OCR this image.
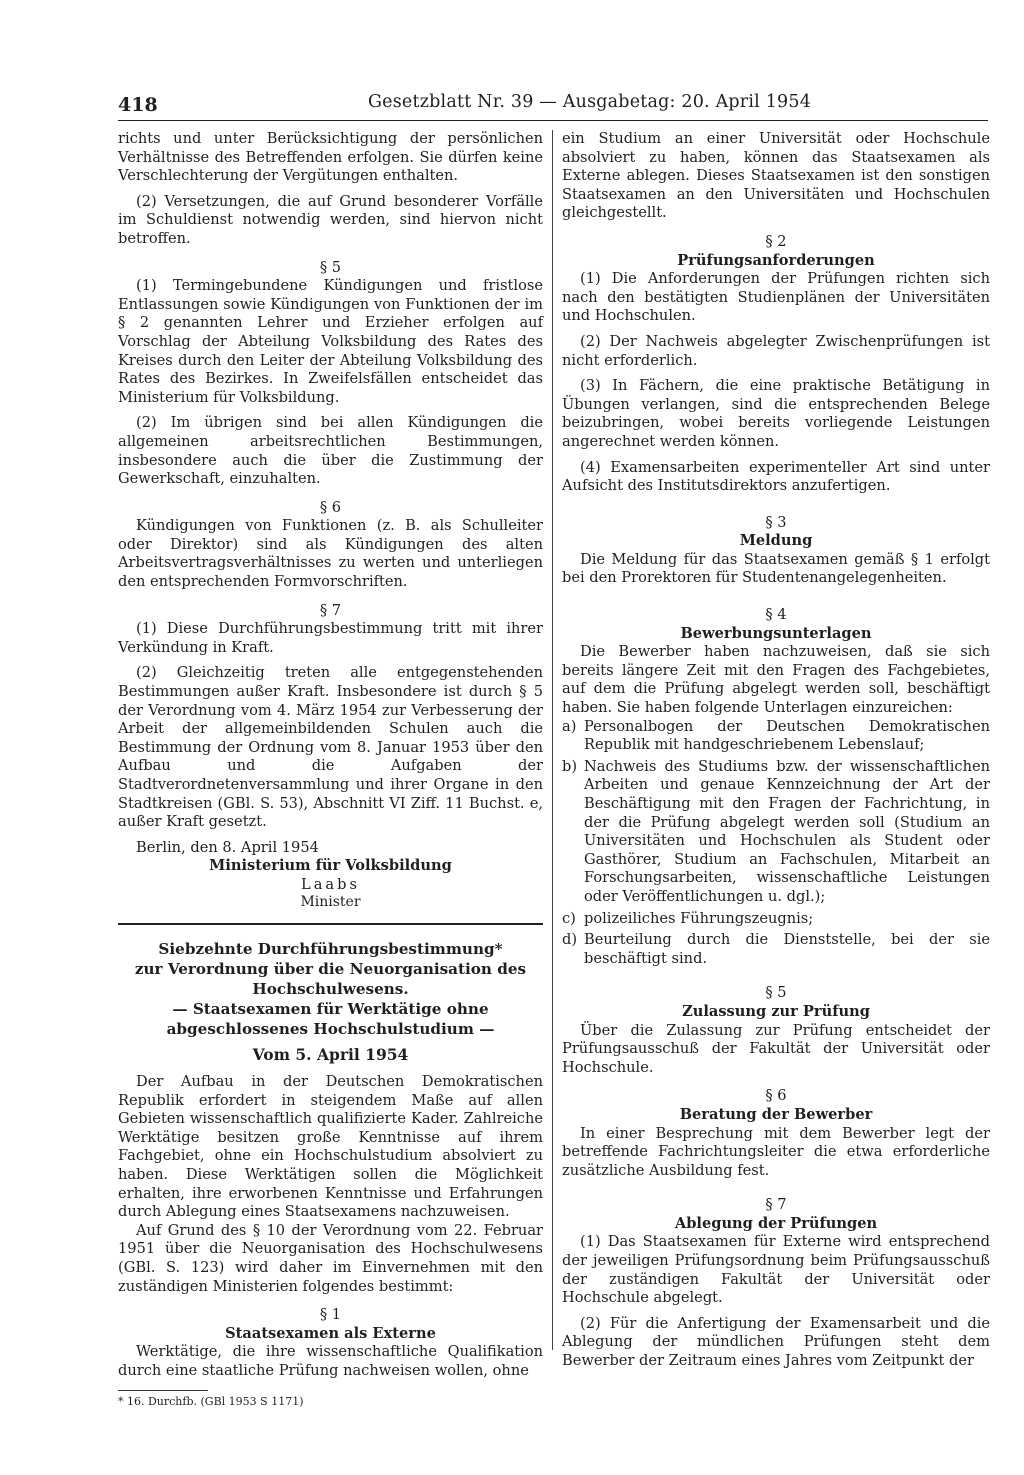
418	Gesetzblatt Nr. 39 — Ausgabetag: 20. April 1954

richts und unter Berücksichtigung der persönlichen Verhältnisse des Betreffenden erfolgen. Sie dürfen keine Verschlechterung der Vergütungen enthalten.

(2) Versetzungen, die auf Grund besonderer Vorfälle im Schuldienst notwendig werden, sind hiervon nicht betroffen.

§ 5

(1) Termingebundene Kündigungen und fristlose Entlassungen sowie Kündigungen von Funktionen der im § 2 genannten Lehrer und Erzieher erfolgen auf Vorschlag der Abteilung Volksbildung des Rates des Kreises durch den Leiter der Abteilung Volksbildung des Rates des Bezirkes. In Zweifelsfällen entscheidet das Ministerium für Volksbildung.

(2) Im übrigen sind bei allen Kündigungen die allgemeinen arbeitsrechtlichen Bestimmungen, insbesondere auch die über die Zustimmung der Gewerkschaft, einzuhalten.

§ 6

Kündigungen von Funktionen (z. B. als Schulleiter oder Direktor) sind als Kündigungen des alten Arbeitsvertragsverhältnisses zu werten und unterliegen den entsprechenden Formvorschriften.

§ 7

(1) Diese Durchführungsbestimmung tritt mit ihrer Verkündung in Kraft.

(2) Gleichzeitig treten alle entgegenstehenden Bestimmungen außer Kraft. Insbesondere ist durch § 5 der Verordnung vom 4. März 1954 zur Verbesserung der Arbeit der allgemeinbildenden Schulen auch die Bestimmung der Ordnung vom 8. Januar 1953 über den Aufbau und die Aufgaben der Stadtverordnetenversammlung und ihrer Organe in den Stadtkreisen (GBl. S. 53), Abschnitt VI Ziff. 11 Buchst. e, außer Kraft gesetzt.

Berlin, den 8. April 1954

Ministerium für Volksbildung
Laabs
Minister
Siebzehnte Durchführungsbestimmung*
zur Verordnung über die Neuorganisation des Hochschulwesens.
— Staatsexamen für Werktätige ohne abgeschlossenes Hochschulstudium —
Vom 5. April 1954

Der Aufbau in der Deutschen Demokratischen Republik erfordert in steigendem Maße auf allen Gebieten wissenschaftlich qualifizierte Kader. Zahlreiche Werktätige besitzen große Kenntnisse auf ihrem Fachgebiet, ohne ein Hochschulstudium absolviert zu haben. Diese Werktätigen sollen die Möglichkeit erhalten, ihre erworbenen Kenntnisse und Erfahrungen durch Ablegung eines Staatsexamens nachzuweisen.

Auf Grund des § 10 der Verordnung vom 22. Februar 1951 über die Neuorganisation des Hochschulwesens (GBl. S. 123) wird daher im Einvernehmen mit den zuständigen Ministerien folgendes bestimmt:

§ 1
Staatsexamen als Externe

Werktätige, die ihre wissenschaftliche Qualifikation durch eine staatliche Prüfung nachweisen wollen, ohne

* 16. Durchfb. (GBl 1953 S 1171)

ein Studium an einer Universität oder Hochschule absolviert zu haben, können das Staatsexamen als Externe ablegen. Dieses Staatsexamen ist den sonstigen Staatsexamen an den Universitäten und Hochschulen gleichgestellt.

§ 2
Prüfungsanforderungen

(1) Die Anforderungen der Prüfungen richten sich nach den bestätigten Studienplänen der Universitäten und Hochschulen.

(2) Der Nachweis abgelegter Zwischenprüfungen ist nicht erforderlich.

(3) In Fächern, die eine praktische Betätigung in Übungen verlangen, sind die entsprechenden Belege beizubringen, wobei bereits vorliegende Leistungen angerechnet werden können.

(4) Examensarbeiten experimenteller Art sind unter Aufsicht des Institutsdirektors anzufertigen.

§ 3
Meldung

Die Meldung für das Staatsexamen gemäß § 1 erfolgt bei den Prorektoren für Studentenangelegenheiten.

§ 4
Bewerbungsunterlagen

Die Bewerber haben nachzuweisen, daß sie sich bereits längere Zeit mit den Fragen des Fachgebietes, auf dem die Prüfung abgelegt werden soll, beschäftigt haben. Sie haben folgende Unterlagen einzureichen:

a) Personalbogen der Deutschen Demokratischen Republik mit handgeschriebenem Lebenslauf;
b) Nachweis des Studiums bzw. der wissenschaftlichen Arbeiten und genaue Kennzeichnung der Art der Beschäftigung mit den Fragen der Fachrichtung, in der die Prüfung abgelegt werden soll (Studium an Universitäten und Hochschulen als Student oder Gasthörer, Studium an Fachschulen, Mitarbeit an Forschungsarbeiten, wissenschaftliche Leistungen oder Veröffentlichungen u. dgl.);
c) polizeiliches Führungszeugnis;
d) Beurteilung durch die Dienststelle, bei der sie beschäftigt sind.
§ 5
Zulassung zur Prüfung

Über die Zulassung zur Prüfung entscheidet der Prüfungsausschuß der Fakultät der Universität oder Hochschule.

§ 6
Beratung der Bewerber

In einer Besprechung mit dem Bewerber legt der betreffende Fachrichtungsleiter die etwa erforderliche zusätzliche Ausbildung fest.

§ 7
Ablegung der Prüfungen

(1) Das Staatsexamen für Externe wird entsprechend der jeweiligen Prüfungsordnung beim Prüfungsausschuß der zuständigen Fakultät der Universität oder Hochschule abgelegt.

(2) Für die Anfertigung der Examensarbeit und die Ablegung der mündlichen Prüfungen steht dem Bewerber der Zeitraum eines Jahres vom Zeitpunkt der
